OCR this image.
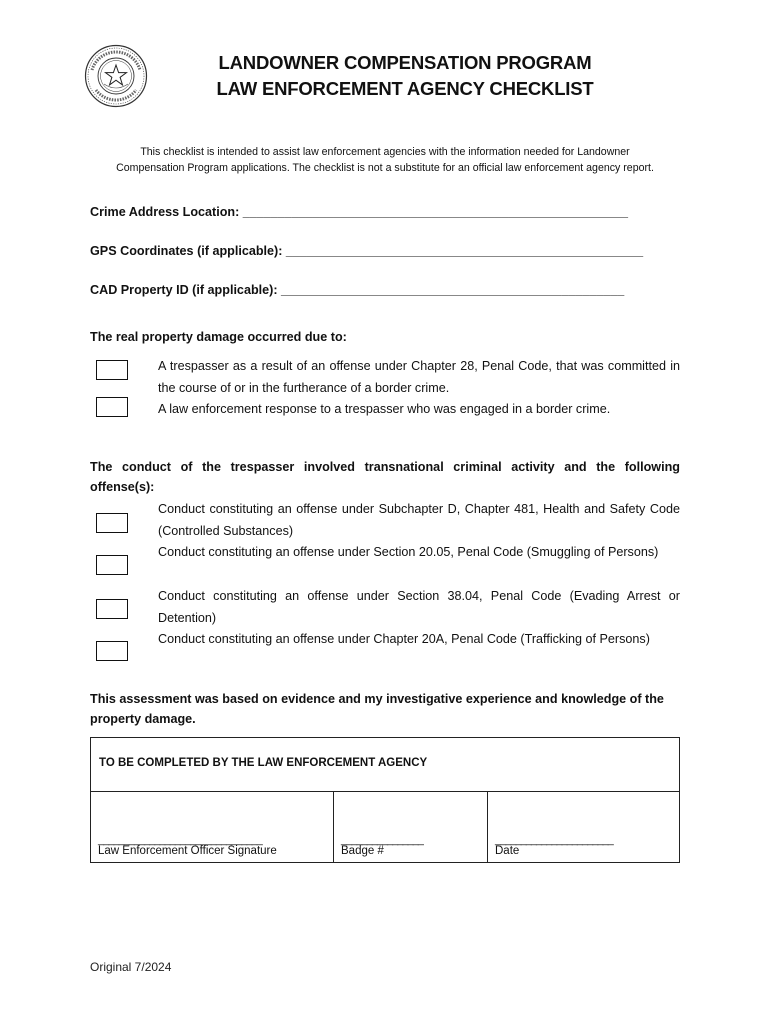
LANDOWNER COMPENSATION PROGRAM
LAW ENFORCEMENT AGENCY CHECKLIST
This checklist is intended to assist law enforcement agencies with the information needed for Landowner
Compensation Program applications. The checklist is not a substitute for an official law enforcement agency report.
Crime Address Location: _______________________________________________________
GPS Coordinates (if applicable): ___________________________________________________
CAD Property ID (if applicable): _________________________________________________
The real property damage occurred due to:
A trespasser as a result of an offense under Chapter 28, Penal Code, that was committed in the course of or in the furtherance of a border crime.
A law enforcement response to a trespasser who was engaged in a border crime.
The conduct of the trespasser involved transnational criminal activity and the following offense(s):
Conduct constituting an offense under Subchapter D, Chapter 481, Health and Safety Code (Controlled Substances)
Conduct constituting an offense under Section 20.05, Penal Code (Smuggling of Persons)
Conduct constituting an offense under Section 38.04, Penal Code (Evading Arrest or Detention)
Conduct constituting an offense under Chapter 20A, Penal Code (Trafficking of Persons)
This assessment was based on evidence and my investigative experience and knowledge of the property damage.
TO BE COMPLETED BY THE LAW ENFORCEMENT AGENCY
________________________________
Law Enforcement Officer Signature
________________
Badge #
_______________________
Date
Original 7/2024
